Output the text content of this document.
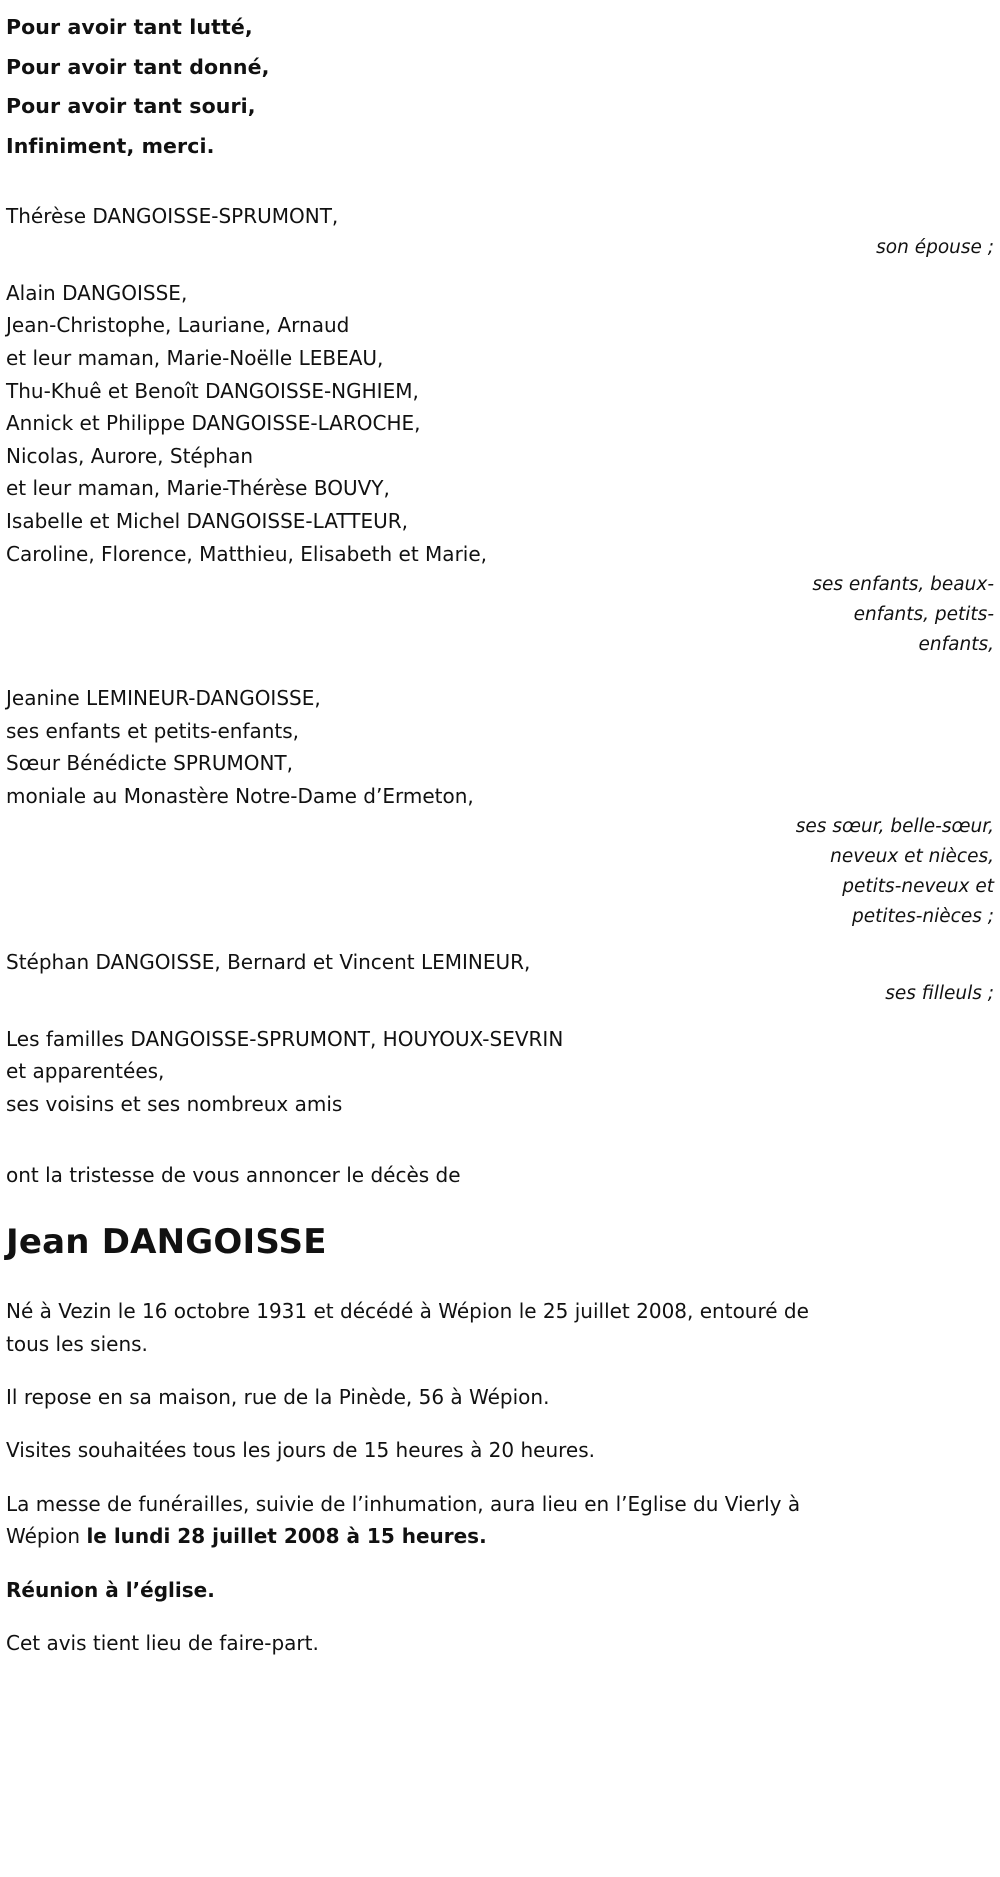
Pour avoir tant lutté,
Pour avoir tant donné,
Pour avoir tant souri,
Infiniment, merci.
Thérèse DANGOISSE-SPRUMONT,
son épouse ;
Alain DANGOISSE,
Jean-Christophe, Lauriane, Arnaud
et leur maman, Marie-Noëlle LEBEAU,
Thu-Khuê et Benoît DANGOISSE-NGHIEM,
Annick et Philippe DANGOISSE-LAROCHE,
Nicolas, Aurore, Stéphan
et leur maman, Marie-Thérèse BOUVY,
Isabelle et Michel DANGOISSE-LATTEUR,
Caroline, Florence, Matthieu, Elisabeth et Marie,
ses enfants, beaux-enfants, petits-enfants,
Jeanine LEMINEUR-DANGOISSE,
ses enfants et petits-enfants,
Sœur Bénédicte SPRUMONT,
moniale au Monastère Notre-Dame d’Ermeton,
ses sœur, belle-sœur, neveux et nièces, petits-neveux et petites-nièces ;
Stéphan DANGOISSE, Bernard et Vincent LEMINEUR,
ses filleuls ;
Les familles DANGOISSE-SPRUMONT, HOUYOUX-SEVRIN
et apparentées,
ses voisins et ses nombreux amis
ont la tristesse de vous annoncer le décès de
Jean DANGOISSE

Né à Vezin le 16 octobre 1931 et décédé à Wépion le 25 juillet 2008, entouré de tous les siens.

Il repose en sa maison, rue de la Pinède, 56 à Wépion.

Visites souhaitées tous les jours de 15 heures à 20 heures.

La messe de funérailles, suivie de l’inhumation, aura lieu en l’Eglise du Vierly à Wépion le lundi 28 juillet 2008 à 15 heures.

Réunion à l’église.

Cet avis tient lieu de faire-part.
